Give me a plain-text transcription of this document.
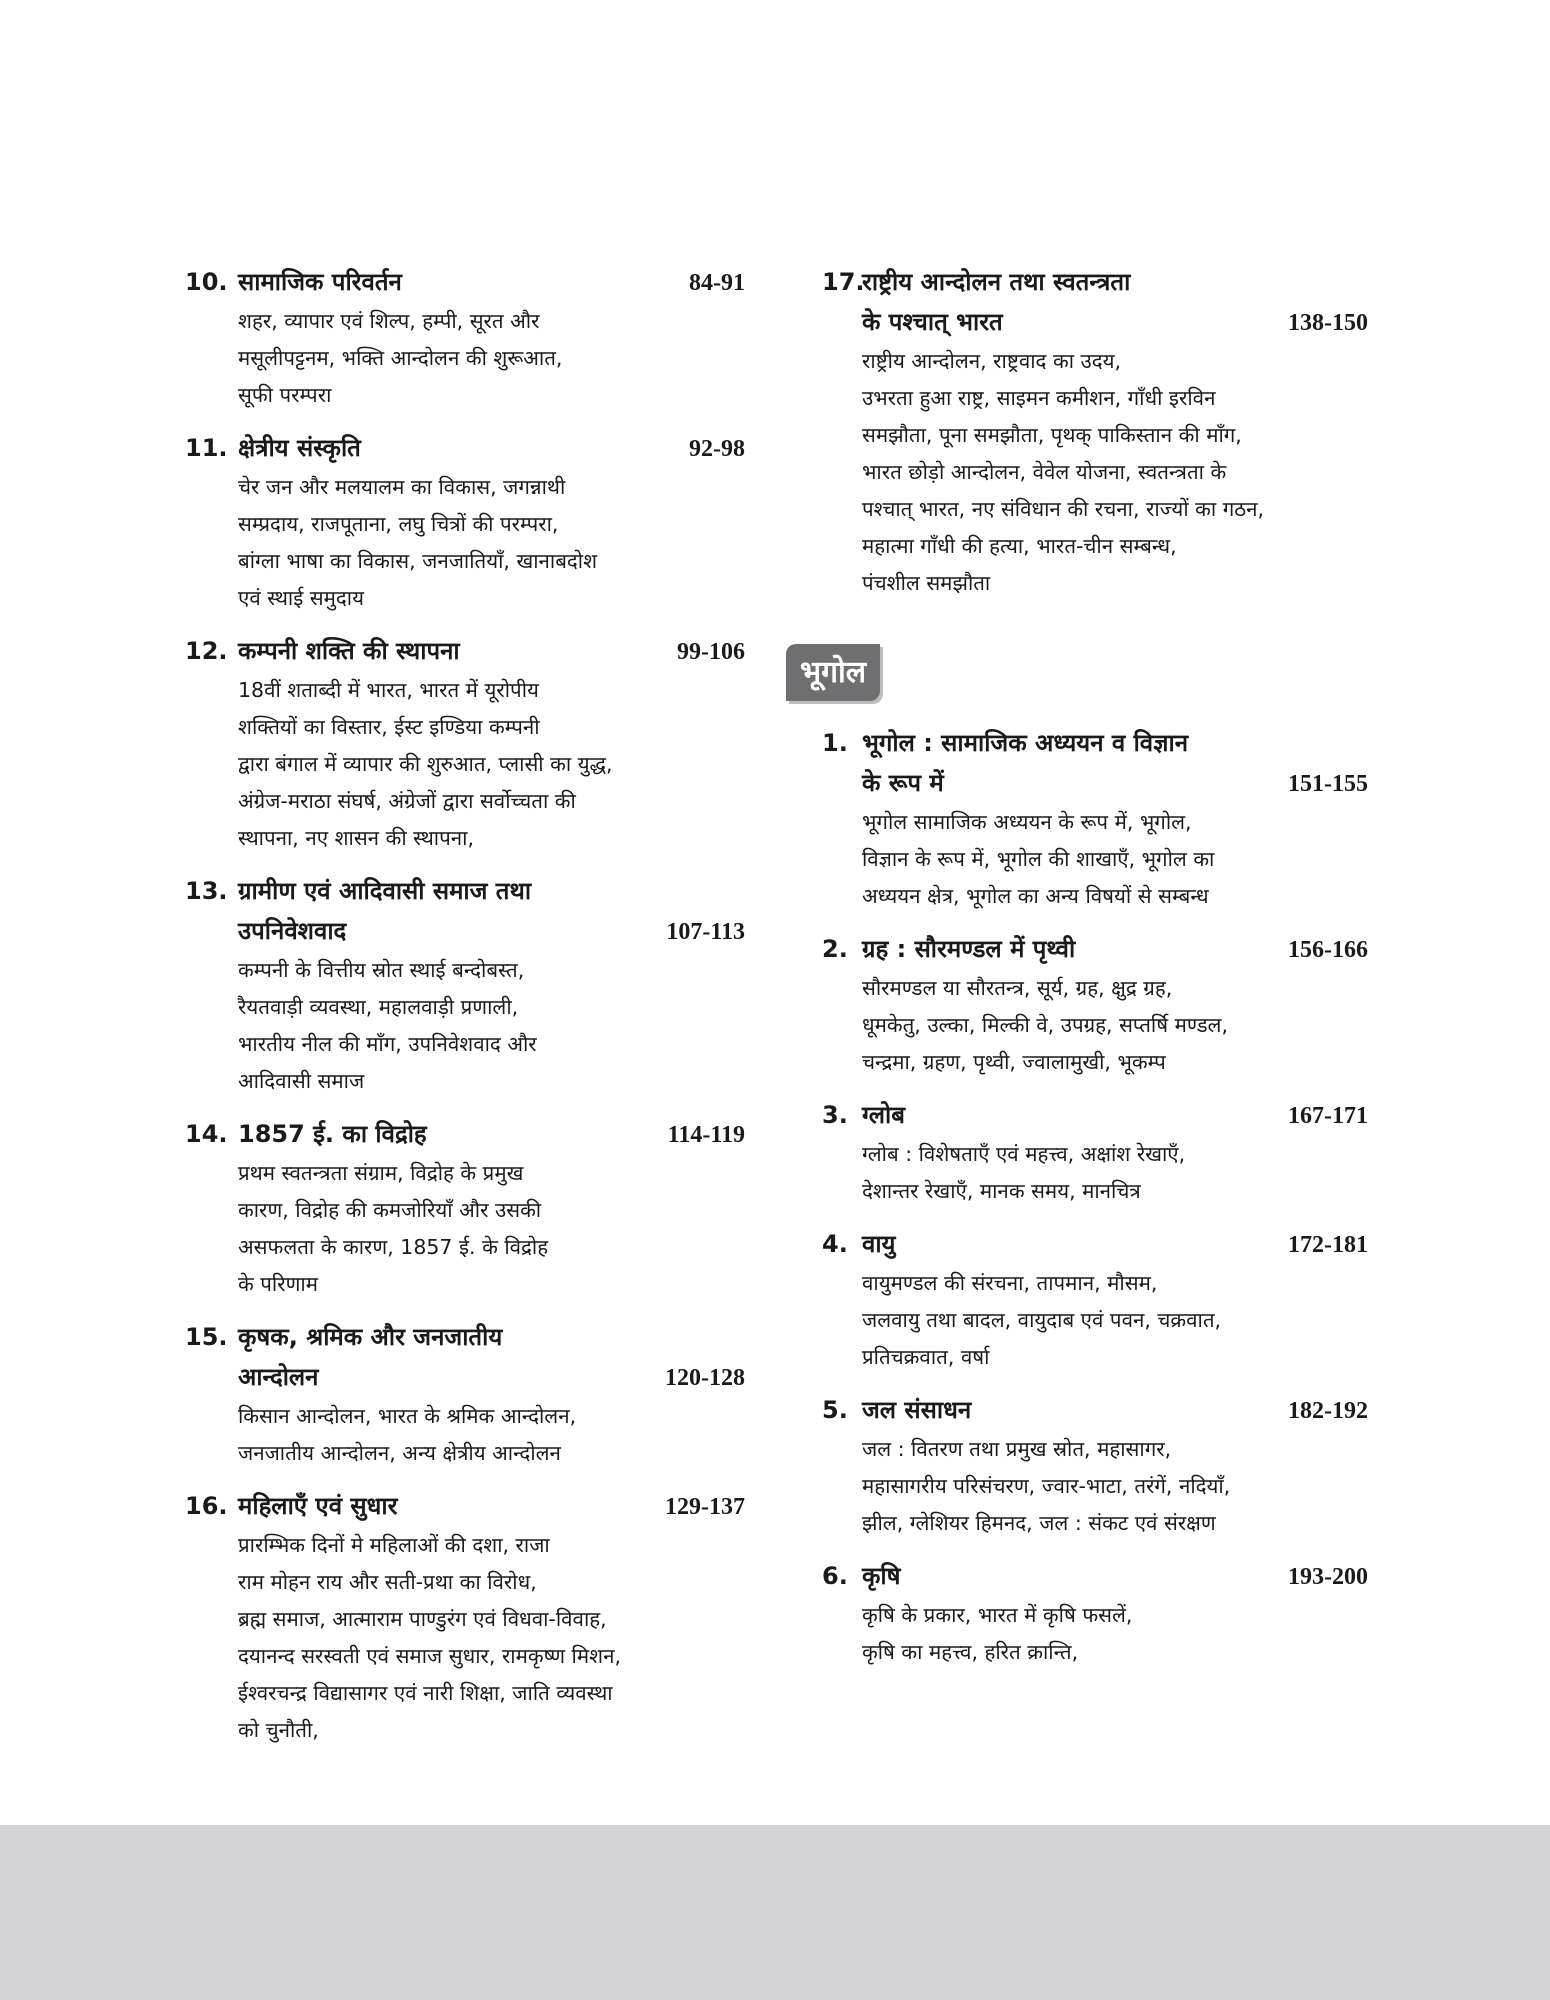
10. सामाजिक परिवर्तन	84-91
शहर, व्यापार एवं शिल्प, हम्पी, सूरत और
मसूलीपट्टनम, भक्ति आन्दोलन की शुरूआत,
सूफी परम्परा
11. क्षेत्रीय संस्कृति	92-98
चेर जन और मलयालम का विकास, जगन्नाथी
सम्प्रदाय, राजपूताना, लघु चित्रों की परम्परा,
बांग्ला भाषा का विकास, जनजातियाँ, खानाबदोश
एवं स्थाई समुदाय
12. कम्पनी शक्ति की स्थापना	99-106
18वीं शताब्दी में भारत, भारत में यूरोपीय
शक्तियों का विस्तार, ईस्ट इण्डिया कम्पनी
द्वारा बंगाल में व्यापार की शुरुआत, प्लासी का युद्ध,
अंग्रेज-मराठा संघर्ष, अंग्रेजों द्वारा सर्वोच्चता की
स्थापना, नए शासन की स्थापना,
13. ग्रामीण एवं आदिवासी समाज तथा
उपनिवेशवाद	107-113
कम्पनी के वित्तीय स्रोत स्थाई बन्दोबस्त,
रैयतवाड़ी व्यवस्था, महालवाड़ी प्रणाली,
भारतीय नील की माँग, उपनिवेशवाद और
आदिवासी समाज
14. 1857 ई. का विद्रोह	114-119
प्रथम स्वतन्त्रता संग्राम, विद्रोह के प्रमुख
कारण, विद्रोह की कमजोरियाँ और उसकी
असफलता के कारण, 1857 ई. के विद्रोह
के परिणाम
15. कृषक, श्रमिक और जनजातीय
आन्दोलन	120-128
किसान आन्दोलन, भारत के श्रमिक आन्दोलन,
जनजातीय आन्दोलन, अन्य क्षेत्रीय आन्दोलन
16. महिलाएँ एवं सुधार	129-137
प्रारम्भिक दिनों मे महिलाओं की दशा, राजा
राम मोहन राय और सती-प्रथा का विरोध,
ब्रह्म समाज, आत्माराम पाण्डुरंग एवं विधवा-विवाह,
दयानन्द सरस्वती एवं समाज सुधार, रामकृष्ण मिशन,
ईश्वरचन्द्र विद्यासागर एवं नारी शिक्षा, जाति व्यवस्था
को चुनौती,
17.
राष्ट्रीय आन्दोलन तथा स्वतन्त्रता
के पश्चात् भारत	138-150
राष्ट्रीय आन्दोलन, राष्ट्रवाद का उदय,
उभरता हुआ राष्ट्र, साइमन कमीशन, गाँधी इरविन
समझौता, पूना समझौता, पृथक् पाकिस्तान की माँग,
भारत छोड़ो आन्दोलन, वेवेल योजना, स्वतन्त्रता के
पश्चात् भारत, नए संविधान की रचना, राज्यों का गठन,
महात्मा गाँधी की हत्या, भारत-चीन सम्बन्ध,
पंचशील समझौता
भूगोल
1. भूगोल : सामाजिक अध्ययन व विज्ञान
के रूप में	151-155
भूगोल सामाजिक अध्ययन के रूप में, भूगोल,
विज्ञान के रूप में, भूगोल की शाखाएँ, भूगोल का
अध्ययन क्षेत्र, भूगोल का अन्य विषयों से सम्बन्ध
2. ग्रह : सौरमण्डल में पृथ्वी	156-166
सौरमण्डल या सौरतन्त्र, सूर्य, ग्रह, क्षुद्र ग्रह,
धूमकेतु, उल्का, मिल्की वे, उपग्रह, सप्तर्षि मण्डल,
चन्द्रमा, ग्रहण, पृथ्वी, ज्वालामुखी, भूकम्प
3. ग्लोब	167-171
ग्लोब : विशेषताएँ एवं महत्त्व, अक्षांश रेखाएँ,
देशान्तर रेखाएँ, मानक समय, मानचित्र
4. वायु	172-181
वायुमण्डल की संरचना, तापमान, मौसम,
जलवायु तथा बादल, वायुदाब एवं पवन, चक्रवात,
प्रतिचक्रवात, वर्षा
5. जल संसाधन	182-192
जल : वितरण तथा प्रमुख स्रोत, महासागर,
महासागरीय परिसंचरण, ज्वार-भाटा, तरंगें, नदियाँ,
झील, ग्लेशियर हिमनद, जल : संकट एवं संरक्षण
6. कृषि	193-200
कृषि के प्रकार, भारत में कृषि फसलें,
कृषि का महत्त्व, हरित क्रान्ति,
